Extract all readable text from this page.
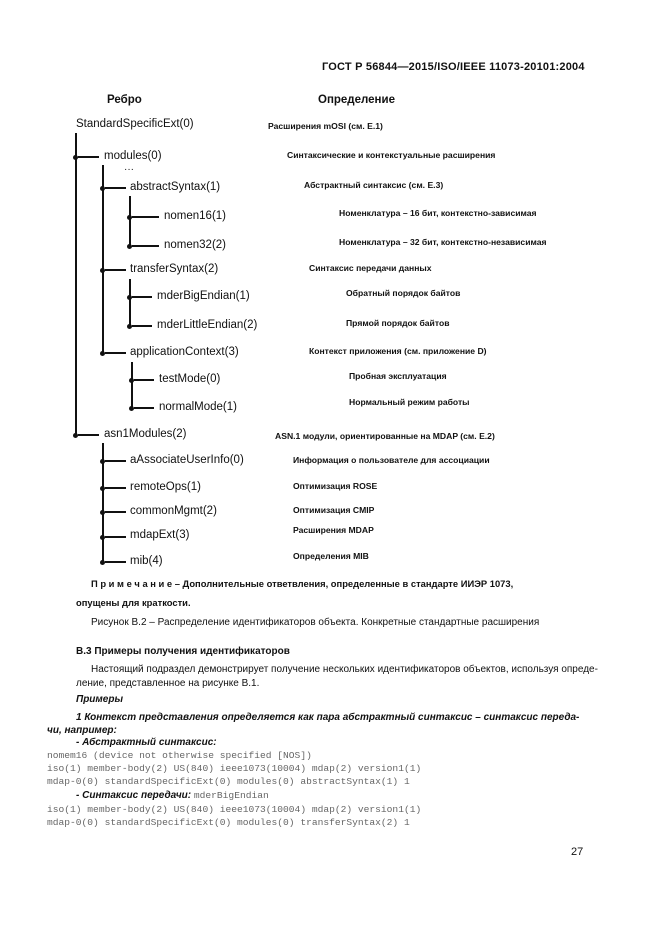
ГОСТ Р 56844—2015/ISO/IEEE 11073-20101:2004
Ребро	Определение
modules(0)
···
abstractSyntax(1)
nomen16(1)
nomen32(2)
transferSyntax(2)
mderBigEndian(1)
mderLittleEndian(2)
applicationContext(3)
testMode(0)
normalMode(1)
asn1Modules(2)
aAssociateUserInfo(0)
remoteOps(1)
commonMgmt(2)
mdapExt(3)
mib(4)
StandardSpecificExt(0)	Расширения mOSI (см. Е.1)
Синтаксические и контекстуальные расширения
Абстрактный синтаксис (см. Е.3)
Номенклатура – 16 бит, контекстно-зависимая
Номенклатура – 32 бит, контекстно-независимая
Синтаксис передачи данных
Обратный порядок байтов
Прямой порядок байтов
Контекст приложения (см. приложение D)
Пробная эксплуатация
Нормальный режим работы
ASN.1 модули, ориентированные на MDAP (см. Е.2)
Информация о пользователе для ассоциации
Оптимизация ROSE
Оптимизация CMIP
Расширения MDAP
Определения MIB
П р и м е ч а н и е – Дополнительные ответвления, определенные в стандарте ИИЭР 1073,
опущены для краткости.
Рисунок В.2 – Распределение идентификаторов объекта. Конкретные стандартные расширения
В.3 Примеры получения идентификаторов
Настоящий подраздел демонстрирует получение нескольких идентификаторов объектов, используя опреде-
ление, представленное на рисунке В.1.
Примеры
1 Контекст представления определяется как пара абстрактный синтаксис – синтаксис переда-
чи, например:
- Абстрактный синтаксис:
nomem16 (device not otherwise specified [NOS])
iso(1) member-body(2) US(840) ieee1073(10004) mdap(2) version1(1)
mdap-0(0) standardSpecificExt(0) modules(0) abstractSyntax(1) 1
- Синтаксис передачи: mderBigEndian
iso(1) member-body(2) US(840) ieee1073(10004) mdap(2) version1(1)
mdap-0(0) standardSpecificExt(0) modules(0) transferSyntax(2) 1
27
